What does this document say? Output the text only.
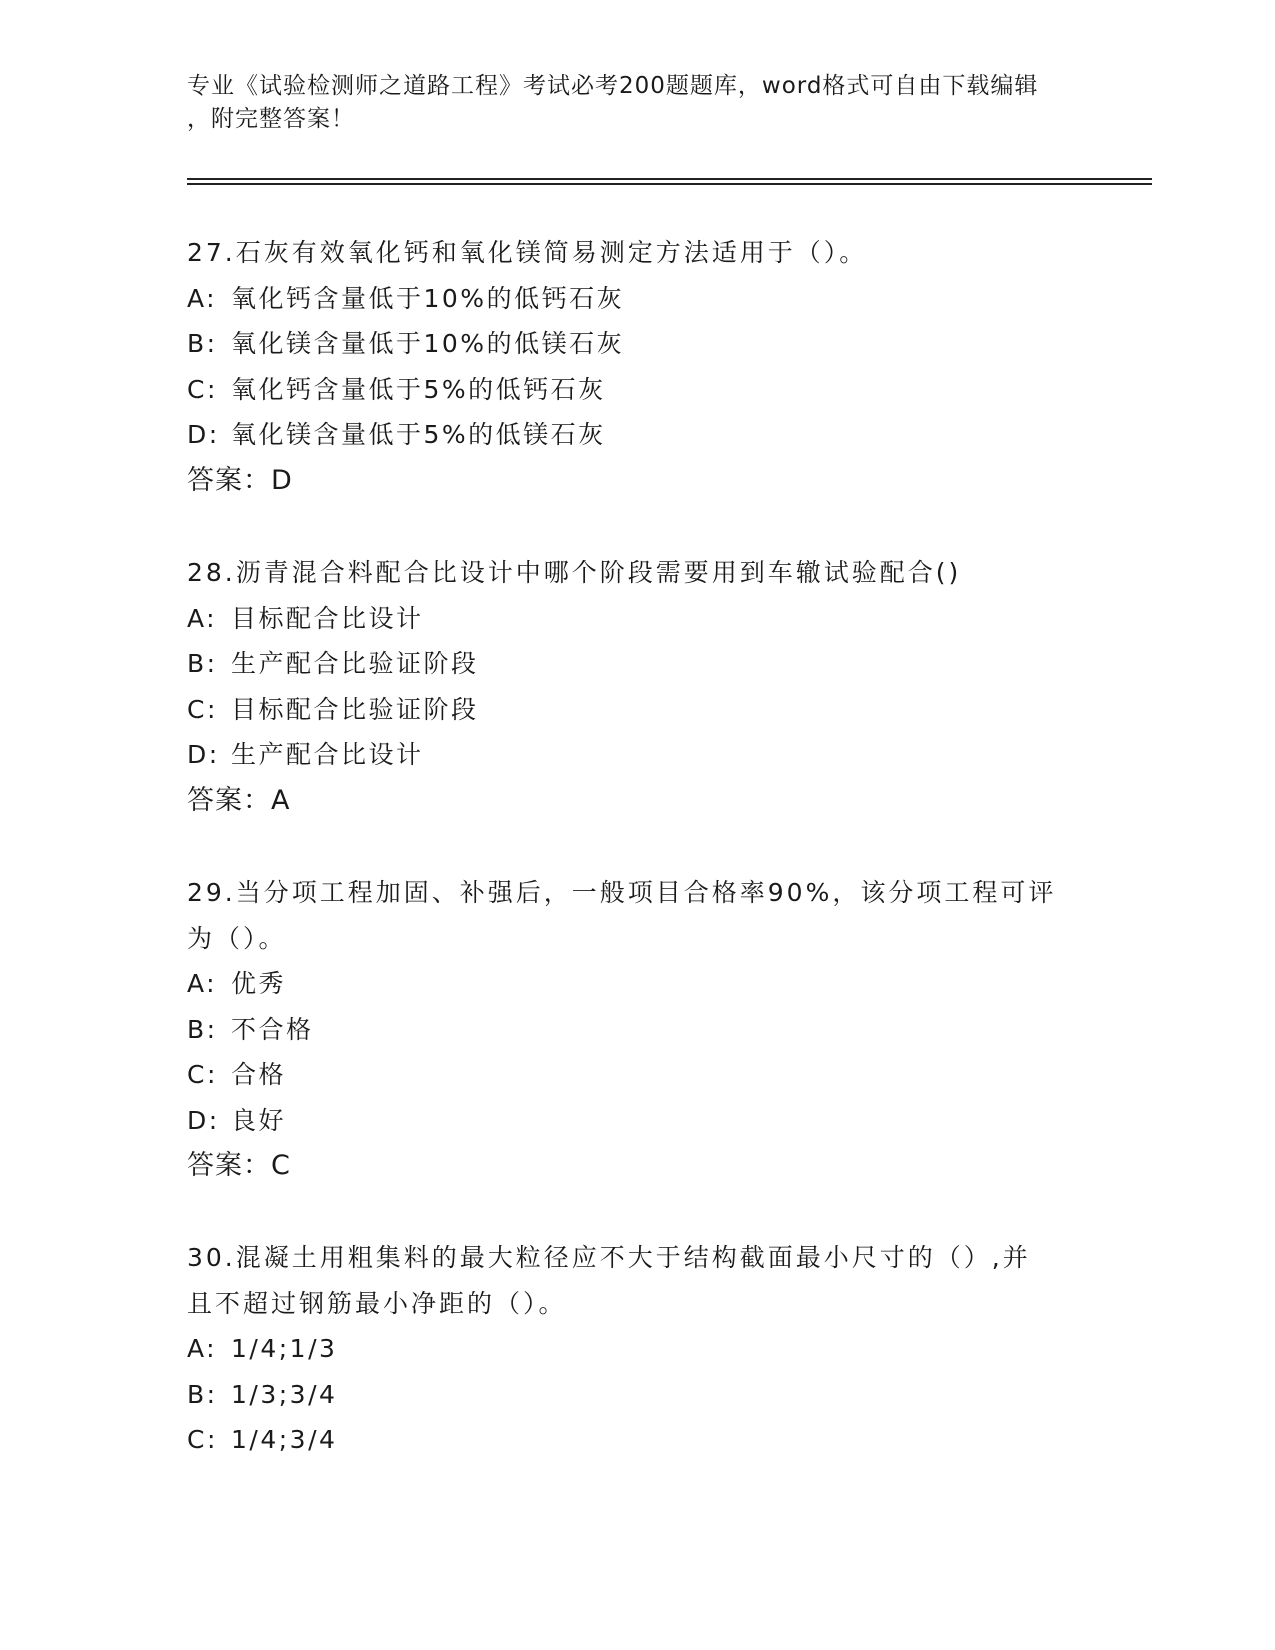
专业《试验检测师之道路工程》考试必考200题题库，word格式可自由下载编辑
，附完整答案！
27.石灰有效氧化钙和氧化镁简易测定方法适用于（）。
A: 氧化钙含量低于10%的低钙石灰
B: 氧化镁含量低于10%的低镁石灰
C: 氧化钙含量低于5%的低钙石灰
D: 氧化镁含量低于5%的低镁石灰
答案：D
28.沥青混合料配合比设计中哪个阶段需要用到车辙试验配合()
A: 目标配合比设计
B: 生产配合比验证阶段
C: 目标配合比验证阶段
D: 生产配合比设计
答案：A
29.当分项工程加固、补强后，一般项目合格率90%，该分项工程可评
为（）。
A: 优秀
B: 不合格
C: 合格
D: 良好
答案：C
30.混凝土用粗集料的最大粒径应不大于结构截面最小尺寸的（）,并
且不超过钢筋最小净距的（）。
A: 1/4;1/3
B: 1/3;3/4
C: 1/4;3/4
